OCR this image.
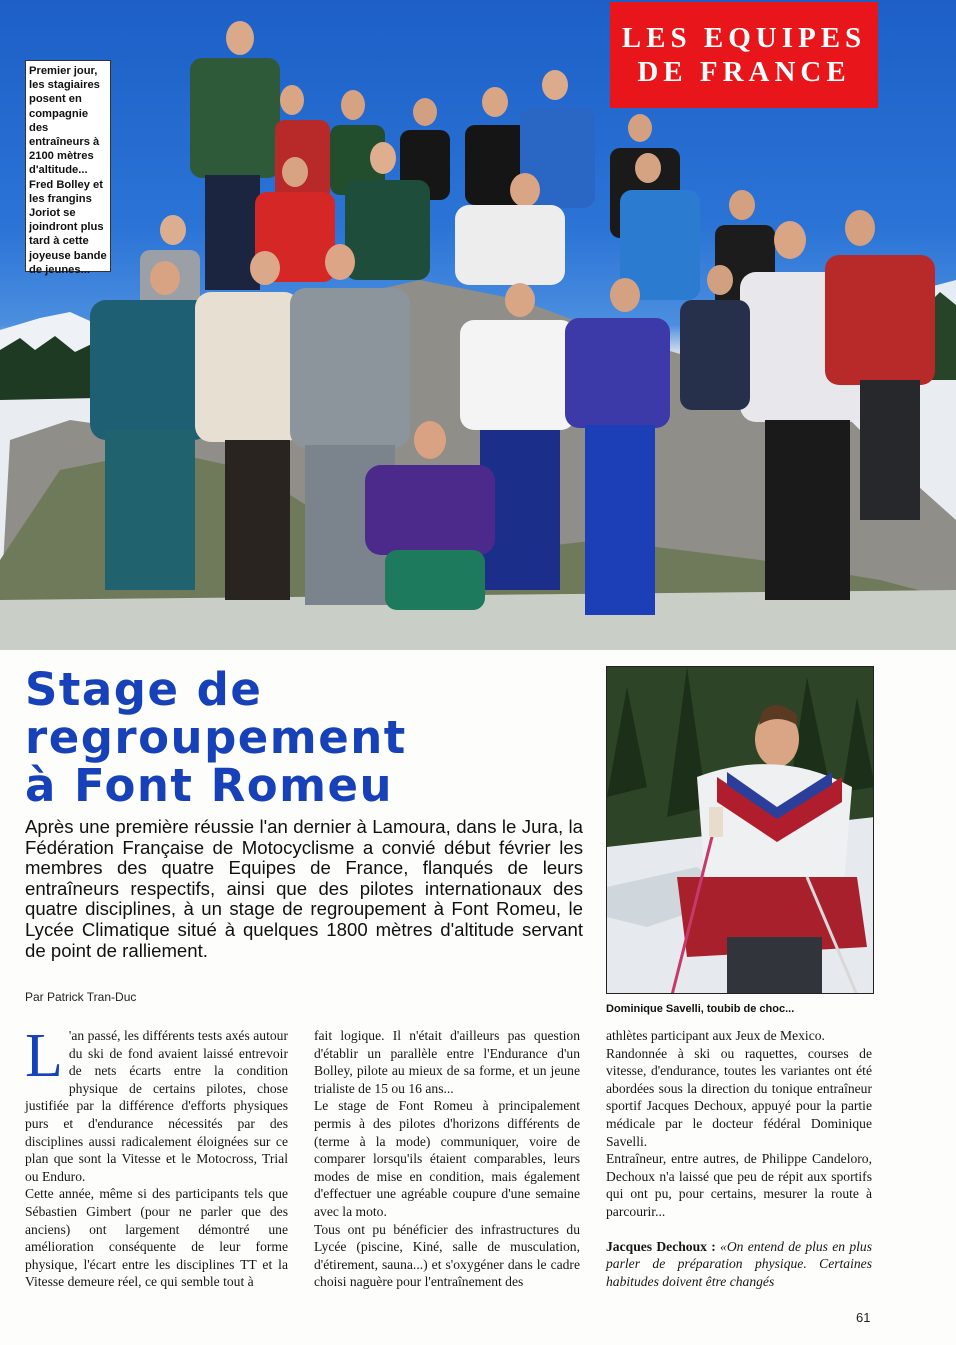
LES EQUIPES
DE FRANCE
Premier jour, les stagiaires posent en compagnie des entraîneurs à 2100 mètres d'altitude... Fred Bolley et les frangins Joriot se joindront plus tard à cette joyeuse bande de jeunes...
Stage de
regroupement
à Font Romeu
Après une première réussie l'an dernier à Lamoura, dans le Jura, la Fédération Française de Motocyclisme a convié début février les membres des quatre Equipes de France, flanqués de leurs entraîneurs respectifs, ainsi que des pilotes internationaux des quatre disciplines, à un stage de regroupement à Font Romeu, le Lycée Climatique situé à quelques 1800 mètres d'altitude servant de point de ralliement.
Par Patrick Tran-Duc
Dominique Savelli, toubib de choc...

L 'an passé, les différents tests axés autour du ski de fond avaient laissé entrevoir de nets écarts entre la condition physique de certains pilotes, chose justifiée par la différence d'efforts physiques purs et d'endurance nécessités par des disciplines aussi radicalement éloignées sur ce plan que sont la Vitesse et le Motocross, Trial ou Enduro.

Cette année, même si des participants tels que Sébastien Gimbert (pour ne parler que des anciens) ont largement démontré une amélioration conséquente de leur forme physique, l'écart entre les disciplines TT et la Vitesse demeure réel, ce qui semble tout à

fait logique. Il n'était d'ailleurs pas question d'établir un parallèle entre l'Endurance d'un Bolley, pilote au mieux de sa forme, et un jeune trialiste de 15 ou 16 ans...

Le stage de Font Romeu à principalement permis à des pilotes d'horizons différents de (terme à la mode) communiquer, voire de comparer lorsqu'ils étaient comparables, leurs modes de mise en condition, mais également d'effectuer une agréable coupure d'une semaine avec la moto.

Tous ont pu bénéficier des infrastructures du Lycée (piscine, Kiné, salle de musculation, d'étirement, sauna...) et s'oxygéner dans le cadre choisi naguère pour l'entraînement des

athlètes participant aux Jeux de Mexico.

Randonnée à ski ou raquettes, courses de vitesse, d'endurance, toutes les variantes ont été abordées sous la direction du tonique entraîneur sportif Jacques Dechoux, appuyé pour la partie médicale par le docteur fédéral Dominique Savelli.

Entraîneur, entre autres, de Philippe Candeloro, Dechoux n'a laissé que peu de répit aux sportifs qui ont pu, pour certains, mesurer la route à parcourir...

Jacques Dechoux : «On entend de plus en plus parler de préparation physique. Certaines habitudes doivent être changés

61
